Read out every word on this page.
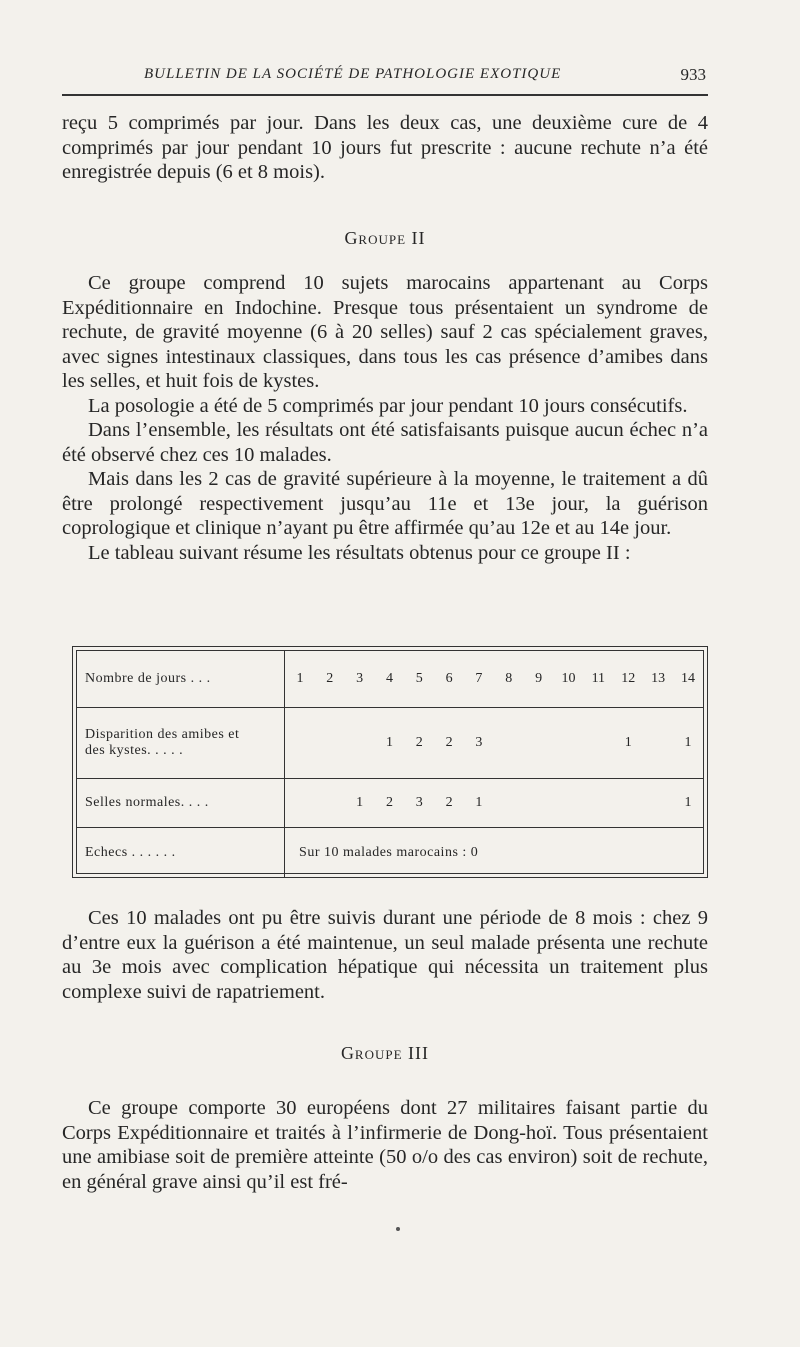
BULLETIN DE LA SOCIÉTÉ DE PATHOLOGIE EXOTIQUE	933

reçu 5 comprimés par jour. Dans les deux cas, une deuxième cure de 4 comprimés par jour pendant 10 jours fut prescrite : aucune rechute n’a été enregistrée depuis (6 et 8 mois).

Groupe II

Ce groupe comprend 10 sujets marocains appartenant au Corps Expéditionnaire en Indochine. Presque tous présentaient un syndrome de rechute, de gravité moyenne (6 à 20 selles) sauf 2 cas spécialement graves, avec signes intestinaux classiques, dans tous les cas présence d’amibes dans les selles, et huit fois de kystes.

La posologie a été de 5 comprimés par jour pendant 10 jours consécutifs.

Dans l’ensemble, les résultats ont été satisfaisants puisque aucun échec n’a été observé chez ces 10 malades.

Mais dans les 2 cas de gravité supérieure à la moyenne, le traitement a dû être prolongé respectivement jusqu’au 11e et 13e jour, la guérison coprologique et clinique n’ayant pu être affirmée qu’au 12e et au 14e jour.

Le tableau suivant résume les résultats obtenus pour ce groupe II :

Nombre de jours . . .	1	2	3	4	5	6	7	8	9	10	11	12	13	14

Disparition des amibes et
des kystes. . . . .				1	2	2	3					1		1
Selles normales. . . .			1	2	3	2	1							1
Echecs . . . . . .	Sur 10 malades marocains : 0													

Ces 10 malades ont pu être suivis durant une période de 8 mois : chez 9 d’entre eux la guérison a été maintenue, un seul malade présenta une rechute au 3e mois avec complication hépatique qui nécessita un traitement plus complexe suivi de rapatriement.

Groupe III

Ce groupe comporte 30 européens dont 27 militaires faisant partie du Corps Expéditionnaire et traités à l’infirmerie de Dong-hoï. Tous présentaient une amibiase soit de première atteinte (50 o/o des cas environ) soit de rechute, en général grave ainsi qu’il est fré-
